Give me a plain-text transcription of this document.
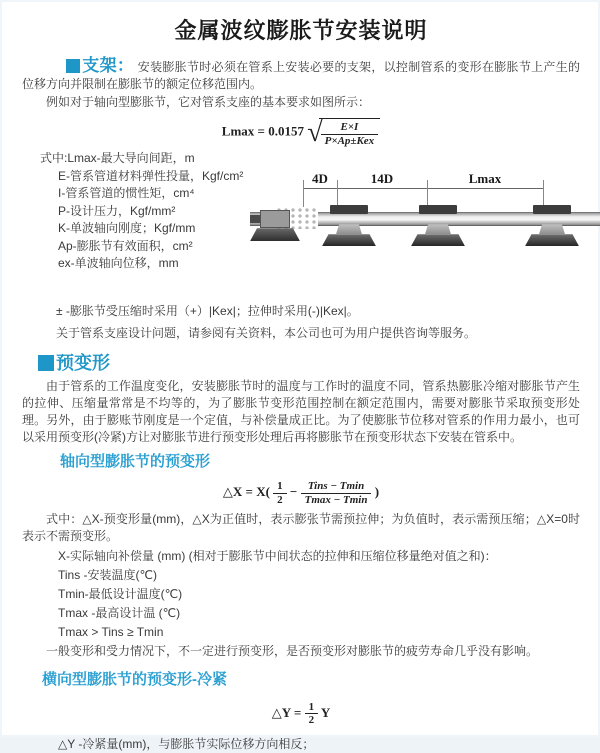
金属波纹膨胀节安装说明
支架： 安装膨胀节时必须在管系上安装必要的支架，以控制管系的变形在膨胀节上产生的位移方向并限制在膨胀节的额定位移范围内。
例如对于轴向型膨胀节，它对管系支座的基本要求如图所示：
Lmax = 0.0157 √
$\frac{E\times I}{\text{P×Ap±Kex}}$
式中:Lmax-最大导向间距，m
E-管系管道材料弹性投量，Kgf/cm²
I-管系管道的惯性矩，cm⁴
P-设计压力，Kgf/mm²
K-单波轴向刚度；Kgf/mm
Ap-膨胀节有效面积，cm²
ex-单波轴向位移，mm
4D	14D	Lmax
± -膨胀节受压缩时采用（+）|Kex|；拉伸时采用(-)|Kex|。
关于管系支座设计问题，请参阅有关资料，本公司也可为用户提供咨询等服务。
预变形
由于管系的工作温度变化，安装膨胀节时的温度与工作时的温度不同，管系热膨胀冷缩对膨胀节产生的拉伸、压缩量常常是不均等的，为了膨胀节变形范围控制在额定范围内，需要对膨胀节采取预变形处理。另外，由于膨账节刚度是一个定值，与补偿量成正比。为了使膨胀节位移对管系的作用力最小，也可以采用预变形(冷紧)方让对膨胀节进行预变形处理后再将膨胀节在预变形状态下安装在管系中。
轴向型膨胀节的预变形
△X = $X( \frac{1}{2} - \frac{\text{Tins − Tmin}}{Tmax - Tmin}$ )
式中：△X-预变形量(mm)，△X为正值时，表示膨张节需预拉伸；为负值时，表示需预压缩；△X=0时表示不需预变形。
X-实际轴向补偿量 (mm) (相对于膨胀节中间状态的拉伸和压缩位移量绝对值之和)：
Tins -安装温度(℃)
Tmin-最低设计温度(℃)
Tmax -最高设计温 (℃)
Tmax > Tins ≥ Tmin
一般变形和受力情况下，不一定进行预变形，是否预变形对膨胀节的疲劳寿命几乎没有影响。
横向型膨胀节的预变形-冷紧
△Y = $\frac{1}{2}$ Y
△Y -冷紧量(mm)，与膨胀节实际位移方向相反；
